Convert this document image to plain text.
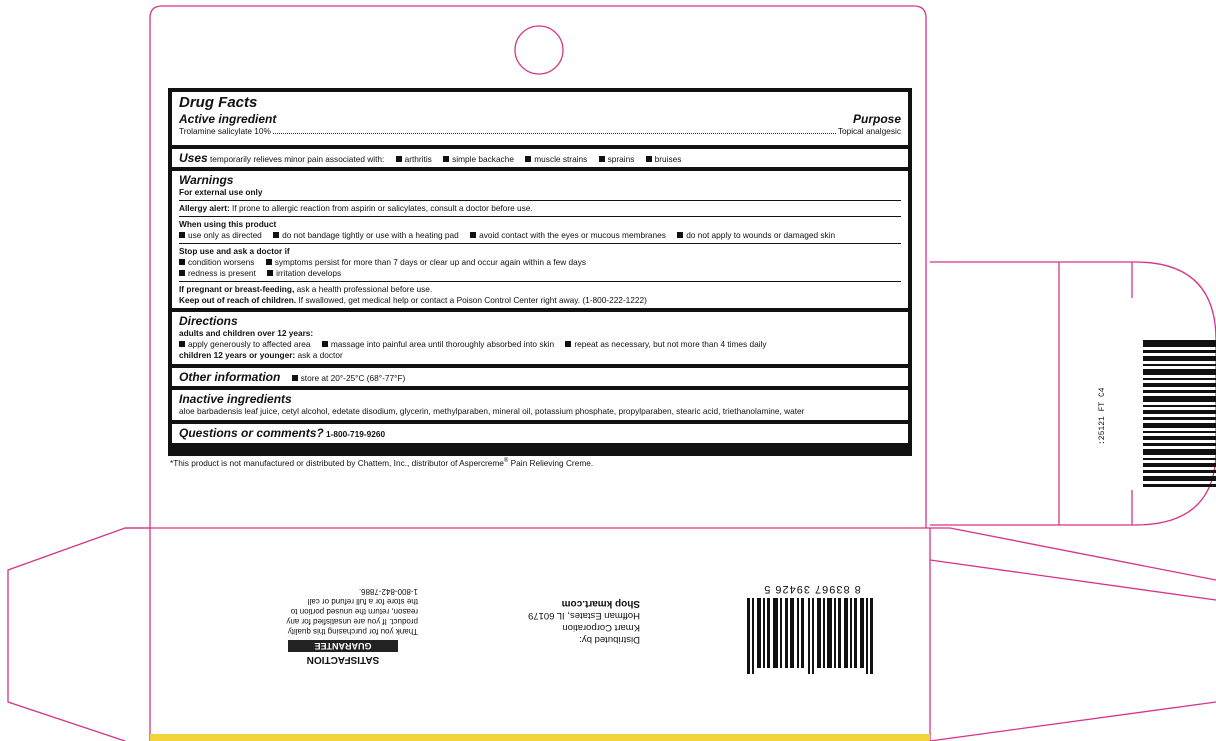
Drug Facts
Active ingredient	Purpose
Trolamine salicylate 10%	Topical analgesic
Uses temporarily relieves minor pain associated with: arthritis simple backache muscle strains sprains bruises
Warnings
For external use only
Allergy alert: If prone to allergic reaction from aspirin or salicylates, consult a doctor before use.
When using this product
use only as directed do not bandage tightly or use with a heating pad avoid contact with the eyes or mucous membranes do not apply to wounds or damaged skin
Stop use and ask a doctor if
condition worsens symptoms persist for more than 7 days or clear up and occur again within a few days
redness is present irritation develops
If pregnant or breast-feeding, ask a health professional before use.
Keep out of reach of children. If swallowed, get medical help or contact a Poison Control Center right away. (1-800-222-1222)
Directions
adults and children over 12 years:
apply generously to affected area massage into painful area until thoroughly absorbed into skin repeat as necessary, but not more than 4 times daily
children 12 years or younger: ask a doctor
Other information store at 20°-25°C (68°-77°F)
Inactive ingredients
aloe barbadensis leaf juice, cetyl alcohol, edetate disodium, glycerin, methylparaben, mineral oil, potassium phosphate, propylparaben, stearic acid, triethanolamine, water
Questions or comments? 1-800-719-9260
*This product is not manufactured or distributed by Chattem, Inc., distributor of Aspercreme® Pain Relieving Creme.
SATISFACTION
GUARANTEE
Thank you for purchasing this quality
product. If you are unsatisfied for any
reason, return the unused portion to
the store for a full refund or call
1-800-842-7886.
Distributed by:
Kmart Corporation
Hoffman Estates, IL 60179
Shop kmart.com
8 83967 39426 5
:25121 FT C4
